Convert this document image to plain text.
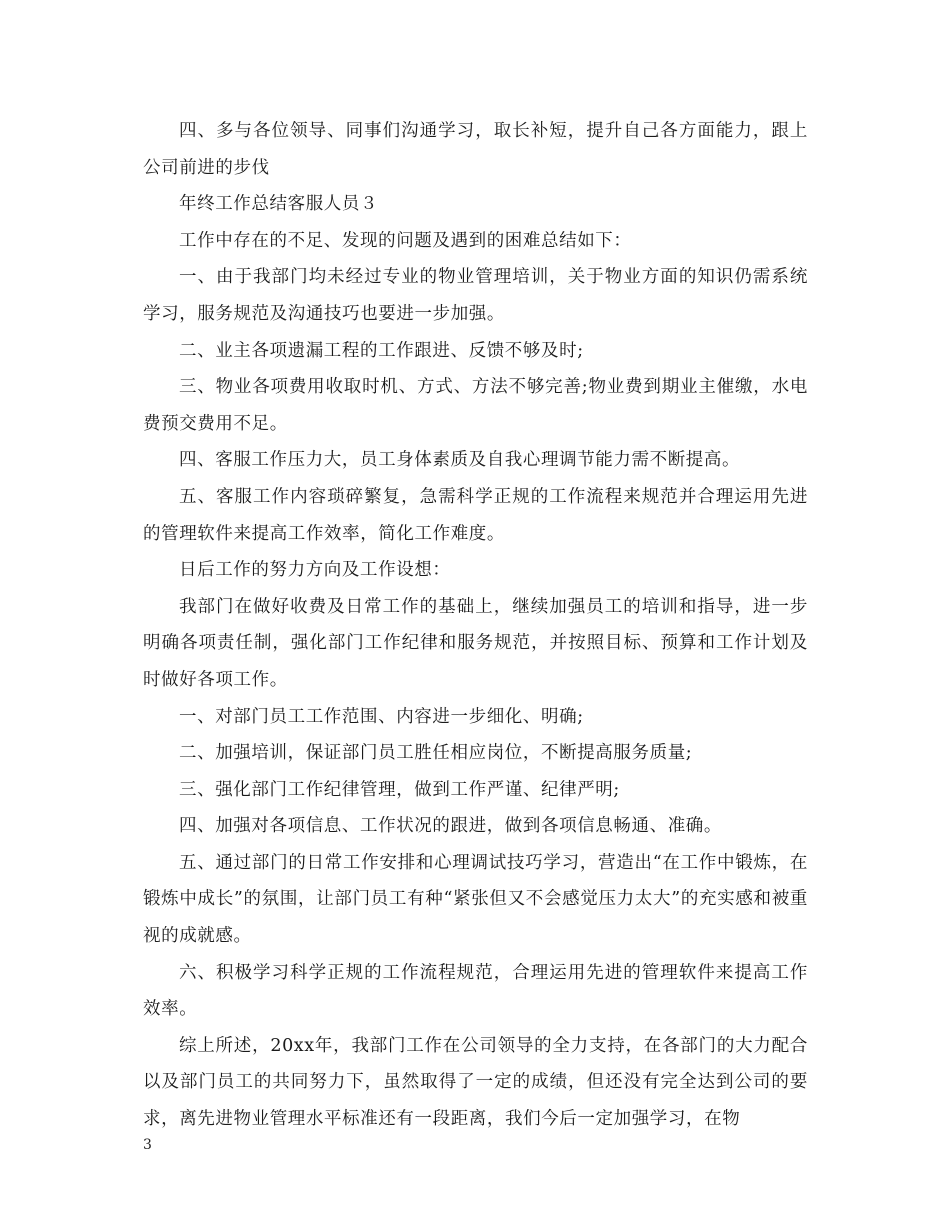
四、多与各位领导、同事们沟通学习，取长补短，提升自己各方面能力，跟上公司前进的步伐

年终工作总结客服人员３

工作中存在的不足、发现的问题及遇到的困难总结如下：

一、由于我部门均未经过专业的物业管理培训，关于物业方面的知识仍需系统学习，服务规范及沟通技巧也要进一步加强。

二、业主各项遗漏工程的工作跟进、反馈不够及时;

三、物业各项费用收取时机、方式、方法不够完善;物业费到期业主催缴，水电费预交费用不足。

四、客服工作压力大，员工身体素质及自我心理调节能力需不断提高。

五、客服工作内容琐碎繁复，急需科学正规的工作流程来规范并合理运用先进的管理软件来提高工作效率，简化工作难度。

日后工作的努力方向及工作设想：

我部门在做好收费及日常工作的基础上，继续加强员工的培训和指导，进一步明确各项责任制，强化部门工作纪律和服务规范，并按照目标、预算和工作计划及时做好各项工作。

一、对部门员工工作范围、内容进一步细化、明确;

二、加强培训，保证部门员工胜任相应岗位，不断提高服务质量;

三、强化部门工作纪律管理，做到工作严谨、纪律严明;

四、加强对各项信息、工作状况的跟进，做到各项信息畅通、准确。

五、通过部门的日常工作安排和心理调试技巧学习，营造出“在工作中锻炼，在锻炼中成长”的氛围，让部门员工有种“紧张但又不会感觉压力太大”的充实感和被重视的成就感。

六、积极学习科学正规的工作流程规范，合理运用先进的管理软件来提高工作效率。

综上所述，20xx年，我部门工作在公司领导的全力支持，在各部门的大力配合以及部门员工的共同努力下，虽然取得了一定的成绩，但还没有完全达到公司的要求，离先进物业管理水平标准还有一段距离，我们今后一定加强学习，在物

3
